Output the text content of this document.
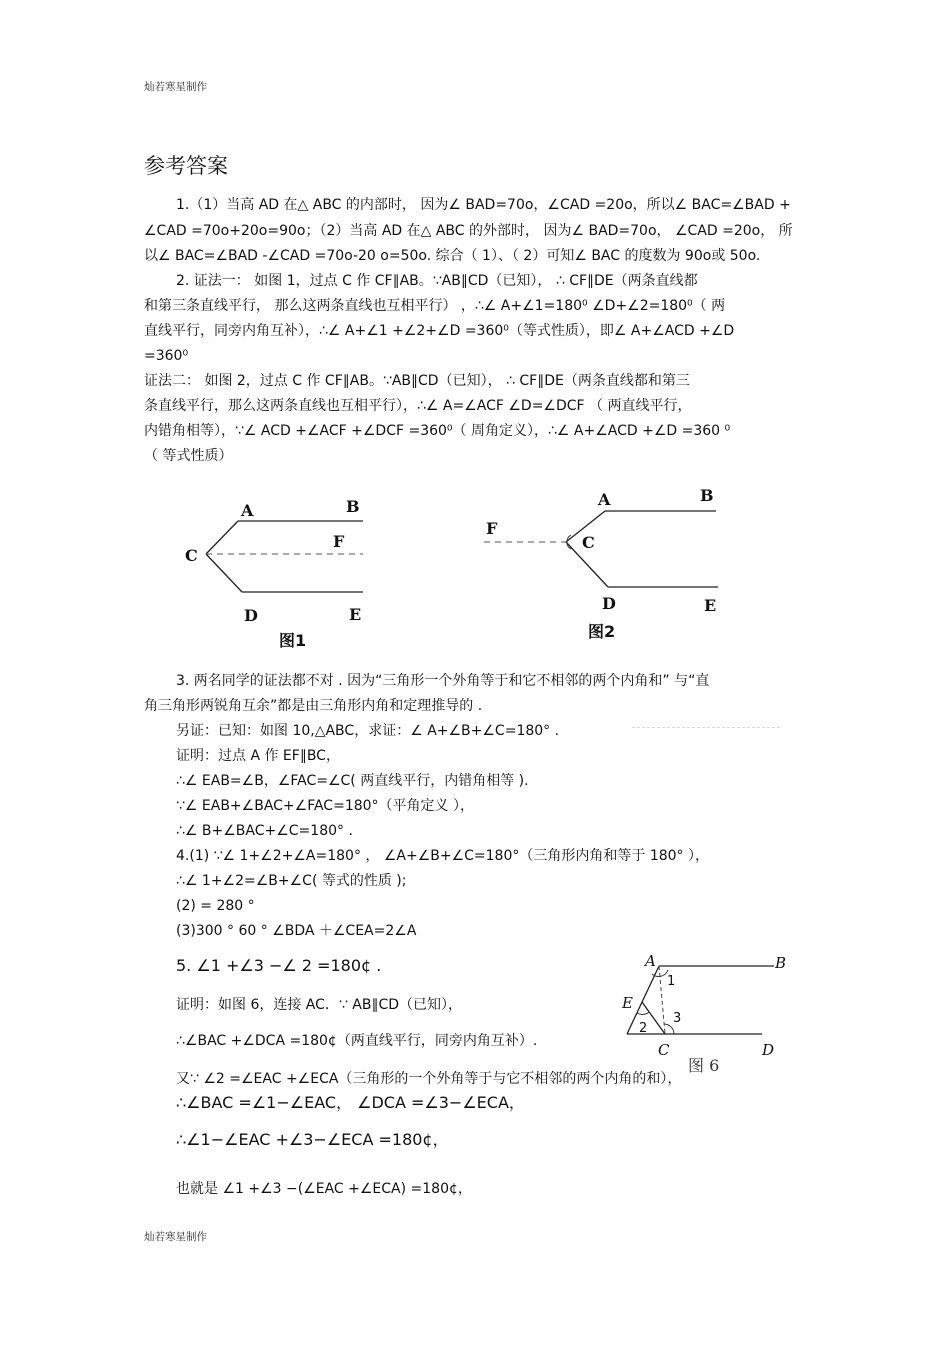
灿若寒星制作
参考答案
1.（1）当高 AD 在△ ABC 的内部时， 因为∠ BAD=70o，∠CAD =20o，所以∠ BAC=∠BAD +
∠CAD =70o+20o=90o；（2）当高 AD 在△ ABC 的外部时， 因为∠ BAD=70o， ∠CAD =20o， 所
以∠ BAC=∠BAD -∠CAD =70o-20 o=50o. 综合（ 1）、（ 2）可知∠ BAC 的度数为 90o或 50o.
2. 证法一： 如图 1，过点 C 作 CF∥AB。∵AB∥CD（已知）， ∴ CF∥DE（两条直线都
和第三条直线平行， 那么这两条直线也互相平行） ，∴∠ A+∠1=180⁰ ∠D+∠2=180⁰（ 两
直线平行，同旁内角互补），∴∠ A+∠1 +∠2+∠D =360⁰（等式性质），即∠ A+∠ACD +∠D
=360⁰
证法二： 如图 2，过点 C 作 CF∥AB。∵AB∥CD（已知）， ∴ CF∥DE（两条直线都和第三
条直线平行，那么这两条直线也互相平行），∴∠ A=∠ACF ∠D=∠DCF （ 两直线平行，
内错角相等），∵∠ ACD +∠ACF +∠DCF =360⁰（ 周角定义），∴∠ A+∠ACD +∠D =360 ⁰
（ 等式性质）
A	B
C
F
D	E
图1
A	B
C
F
D	E
图2
3. 两名同学的证法都不对 . 因为“三角形一个外角等于和它不相邻的两个内角和” 与“直
角三角形两锐角互余”都是由三角形内角和定理推导的 .
另证：已知：如图 10,△ABC，求证：∠ A+∠B+∠C=180° .
证明：过点 A 作 EF∥BC，
∴∠ EAB=∠B，∠FAC=∠C( 两直线平行，内错角相等 ).
∵∠ EAB+∠BAC+∠FAC=180°（平角定义 ），
∴∠ B+∠BAC+∠C=180° .
4.(1) ∵∠ 1+∠2+∠A=180° ， ∠A+∠B+∠C=180°（三角形内角和等于 180° ），
∴∠ 1+∠2=∠B+∠C( 等式的性质 );
(2) = 280 °
(3)300 ° 60 ° ∠BDA ＋∠CEA=2∠A
5. ∠1 +∠3 −∠ 2 =180¢ .
证明：如图 6，连接 AC．∵ AB∥CD（已知），
∴∠BAC +∠DCA =180¢（两直线平行，同旁内角互补）.
又∵ ∠2 =∠EAC +∠ECA（三角形的一个外角等于与它不相邻的两个内角的和），
∴∠BAC =∠1−∠EAC， ∠DCA =∠3−∠ECA，
∴∠1−∠EAC +∠3−∠ECA =180¢，
也就是 ∠1 +∠3 −(∠EAC +∠ECA) =180¢，
A	B
E
C	D
1
2
3
图 6
灿若寒星制作
